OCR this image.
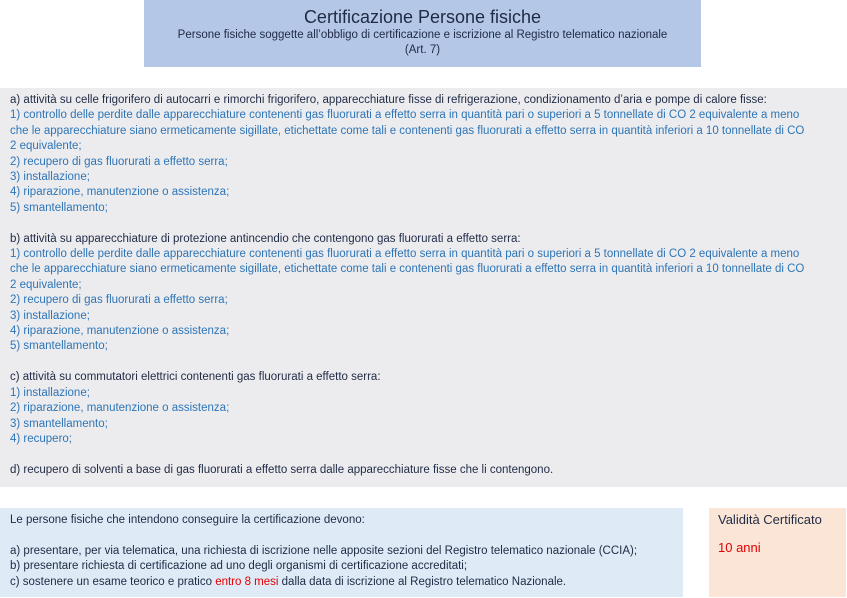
Certificazione Persone fisiche
Persone fisiche soggette all’obbligo di certificazione e iscrizione al Registro telematico nazionale
(Art. 7)
a) attività su celle frigorifero di autocarri e rimorchi frigorifero, apparecchiature fisse di refrigerazione, condizionamento d’aria e pompe di calore fisse:
1) controllo delle perdite dalle apparecchiature contenenti gas fluorurati a effetto serra in quantità pari o superiori a 5 tonnellate di CO 2 equivalente a meno
che le apparecchiature siano ermeticamente sigillate, etichettate come tali e contenenti gas fluorurati a effetto serra in quantità inferiori a 10 tonnellate di CO
2 equivalente;
2) recupero di gas fluorurati a effetto serra;
3) installazione;
4) riparazione, manutenzione o assistenza;
5) smantellamento;
b) attività su apparecchiature di protezione antincendio che contengono gas fluorurati a effetto serra:
1) controllo delle perdite dalle apparecchiature contenenti gas fluorurati a effetto serra in quantità pari o superiori a 5 tonnellate di CO 2 equivalente a meno
che le apparecchiature siano ermeticamente sigillate, etichettate come tali e contenenti gas fluorurati a effetto serra in quantità inferiori a 10 tonnellate di CO
2 equivalente;
2) recupero di gas fluorurati a effetto serra;
3) installazione;
4) riparazione, manutenzione o assistenza;
5) smantellamento;
c) attività su commutatori elettrici contenenti gas fluorurati a effetto serra:
1) installazione;
2) riparazione, manutenzione o assistenza;
3) smantellamento;
4) recupero;
d) recupero di solventi a base di gas fluorurati a effetto serra dalle apparecchiature fisse che li contengono.
Le persone fisiche che intendono conseguire la certificazione devono:
a) presentare, per via telematica, una richiesta di iscrizione nelle apposite sezioni del Registro telematico nazionale (CCIA);
b) presentare richiesta di certificazione ad uno degli organismi di certificazione accreditati;
c) sostenere un esame teorico e pratico entro 8 mesi dalla data di iscrizione al Registro telematico Nazionale.
Validità Certificato
10 anni
